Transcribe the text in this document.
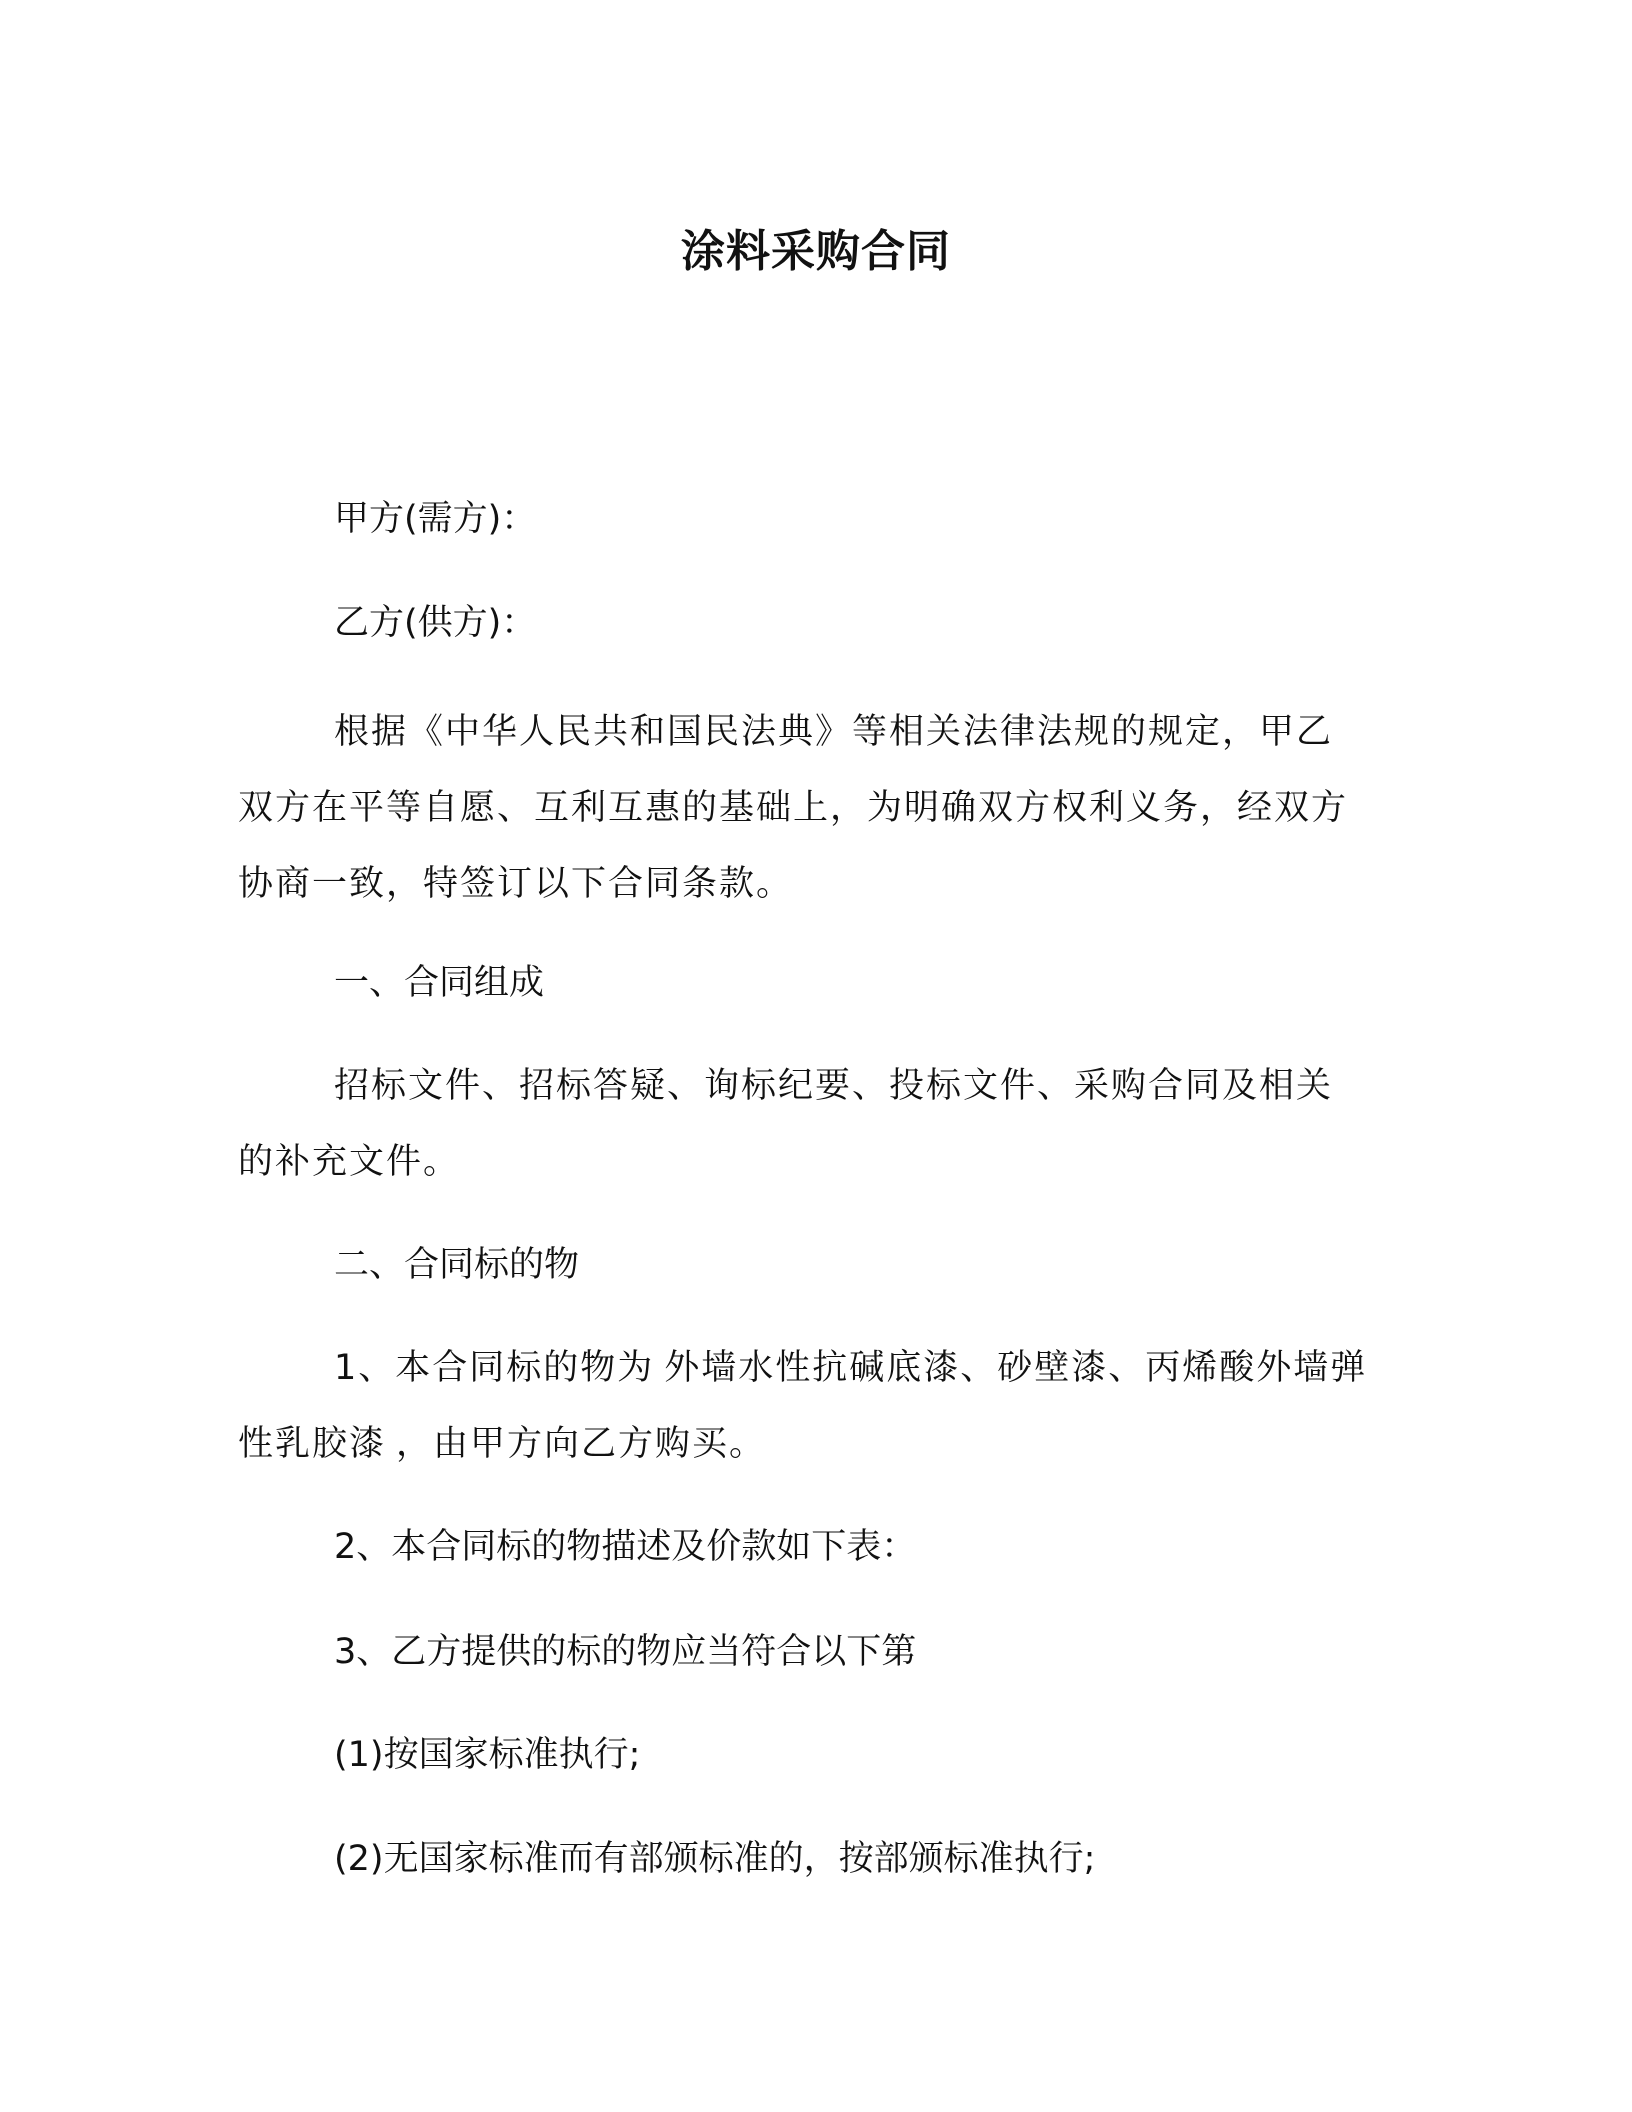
涂料采购合同
甲方(需方)：
乙方(供方)：
根据《中华人民共和国民法典》等相关法律法规的规定，甲乙双方在平等自愿、互利互惠的基础上，为明确双方权利义务，经双方协商一致，特签订以下合同条款。
一、合同组成
招标文件、招标答疑、询标纪要、投标文件、采购合同及相关的补充文件。
二、合同标的物
1、本合同标的物为 外墙水性抗碱底漆、砂壁漆、丙烯酸外墙弹性乳胶漆 ，由甲方向乙方购买。
2、本合同标的物描述及价款如下表：
3、乙方提供的标的物应当符合以下第
(1)按国家标准执行;
(2)无国家标准而有部颁标准的，按部颁标准执行;
